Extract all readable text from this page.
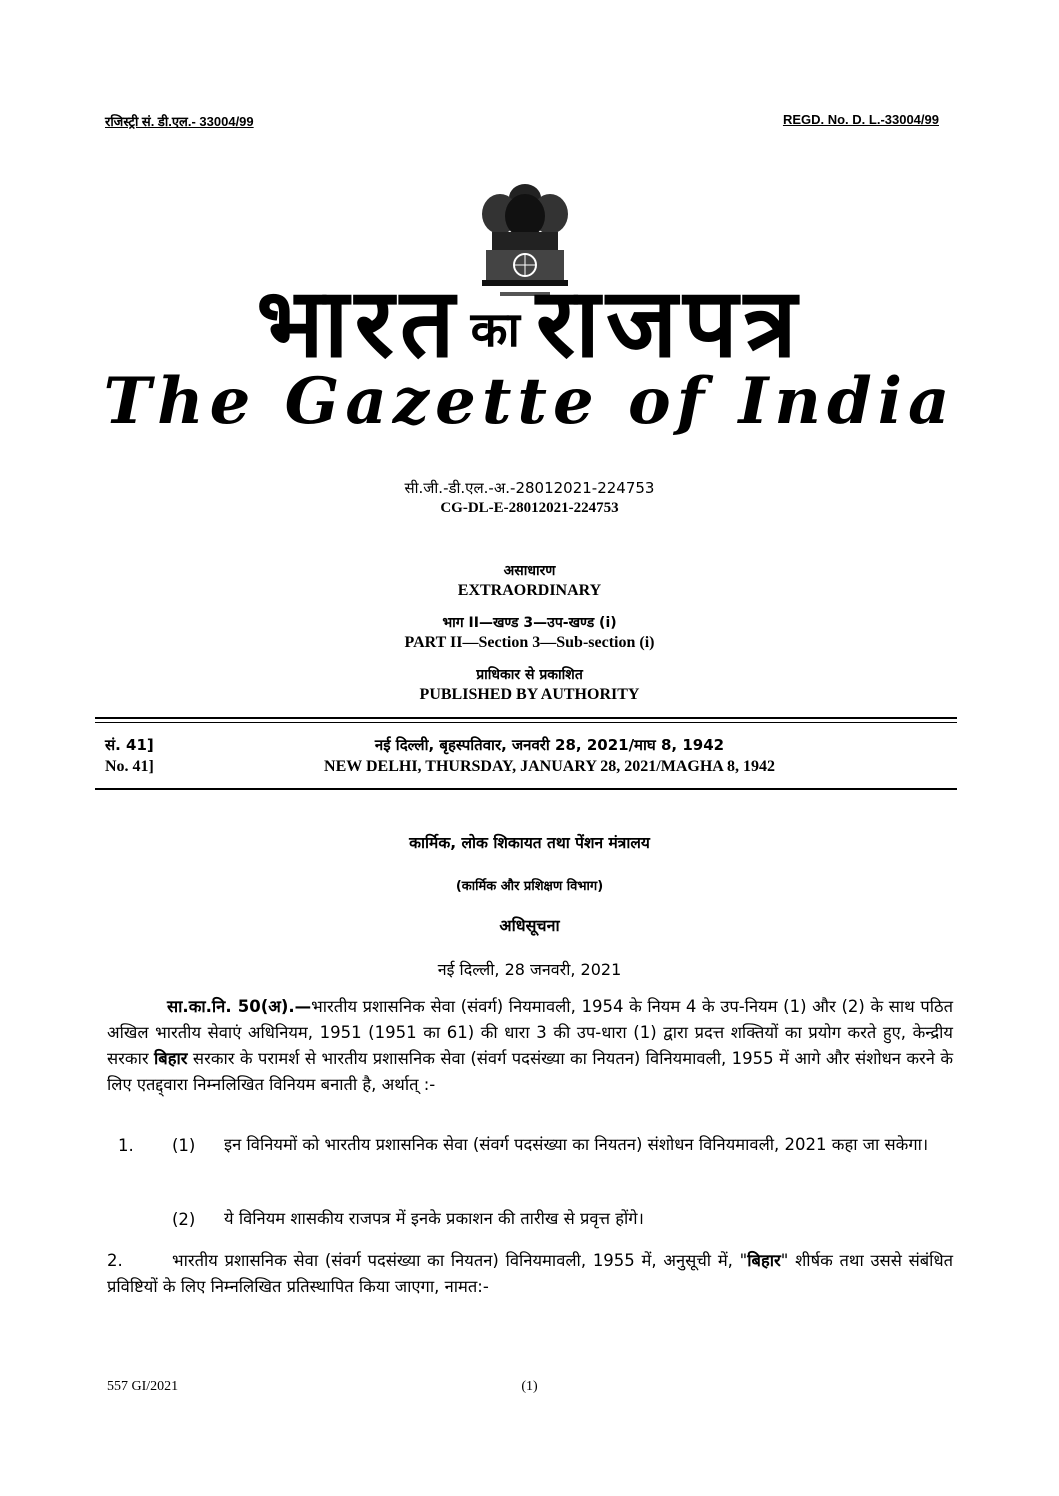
रजिस्ट्री सं. डी.एल.- 33004/99	REGD. No. D. L.-33004/99
भारत का राजपत्र
The Gazette of India
सी.जी.-डी.एल.-अ.-28012021-224753
CG-DL-E-28012021-224753
असाधारण
EXTRAORDINARY
भाग II—खण्ड 3—उप-खण्ड (i)
PART II—Section 3—Sub-section (i)
प्राधिकार से प्रकाशित
PUBLISHED BY AUTHORITY
सं. 41]	नई दिल्ली, बृहस्पतिवार, जनवरी 28, 2021/माघ 8, 1942
No. 41]	NEW DELHI, THURSDAY, JANUARY 28, 2021/MAGHA 8, 1942
कार्मिक, लोक शिकायत तथा पेंशन मंत्रालय
(कार्मिक और प्रशिक्षण विभाग)
अधिसूचना
नई दिल्ली, 28 जनवरी, 2021
सा.का.नि. 50(अ).—भारतीय प्रशासनिक सेवा (संवर्ग) नियमावली, 1954 के नियम 4 के उप-नियम (1) और (2) के साथ पठित अखिल भारतीय सेवाएं अधिनियम, 1951 (1951 का 61) की धारा 3 की उप-धारा (1) द्वारा प्रदत्त शक्तियों का प्रयोग करते हुए, केन्द्रीय सरकार बिहार सरकार के परामर्श से भारतीय प्रशासनिक सेवा (संवर्ग पदसंख्या का नियतन) विनियमावली, 1955 में आगे और संशोधन करने के लिए एतद्द्वारा निम्नलिखित विनियम बनाती है, अर्थात् :-
1. (1) इन विनियमों को भारतीय प्रशासनिक सेवा (संवर्ग पदसंख्या का नियतन) संशोधन विनियमावली, 2021 कहा जा सकेगा।
(2) ये विनियम शासकीय राजपत्र में इनके प्रकाशन की तारीख से प्रवृत्त होंगे।
2.	भारतीय प्रशासनिक सेवा (संवर्ग पदसंख्या का नियतन) विनियमावली, 1955 में, अनुसूची में, "बिहार" शीर्षक तथा उससे संबंधित प्रविष्टियों के लिए निम्नलिखित प्रतिस्थापित किया जाएगा, नामत:-
557 GI/2021	(1)
